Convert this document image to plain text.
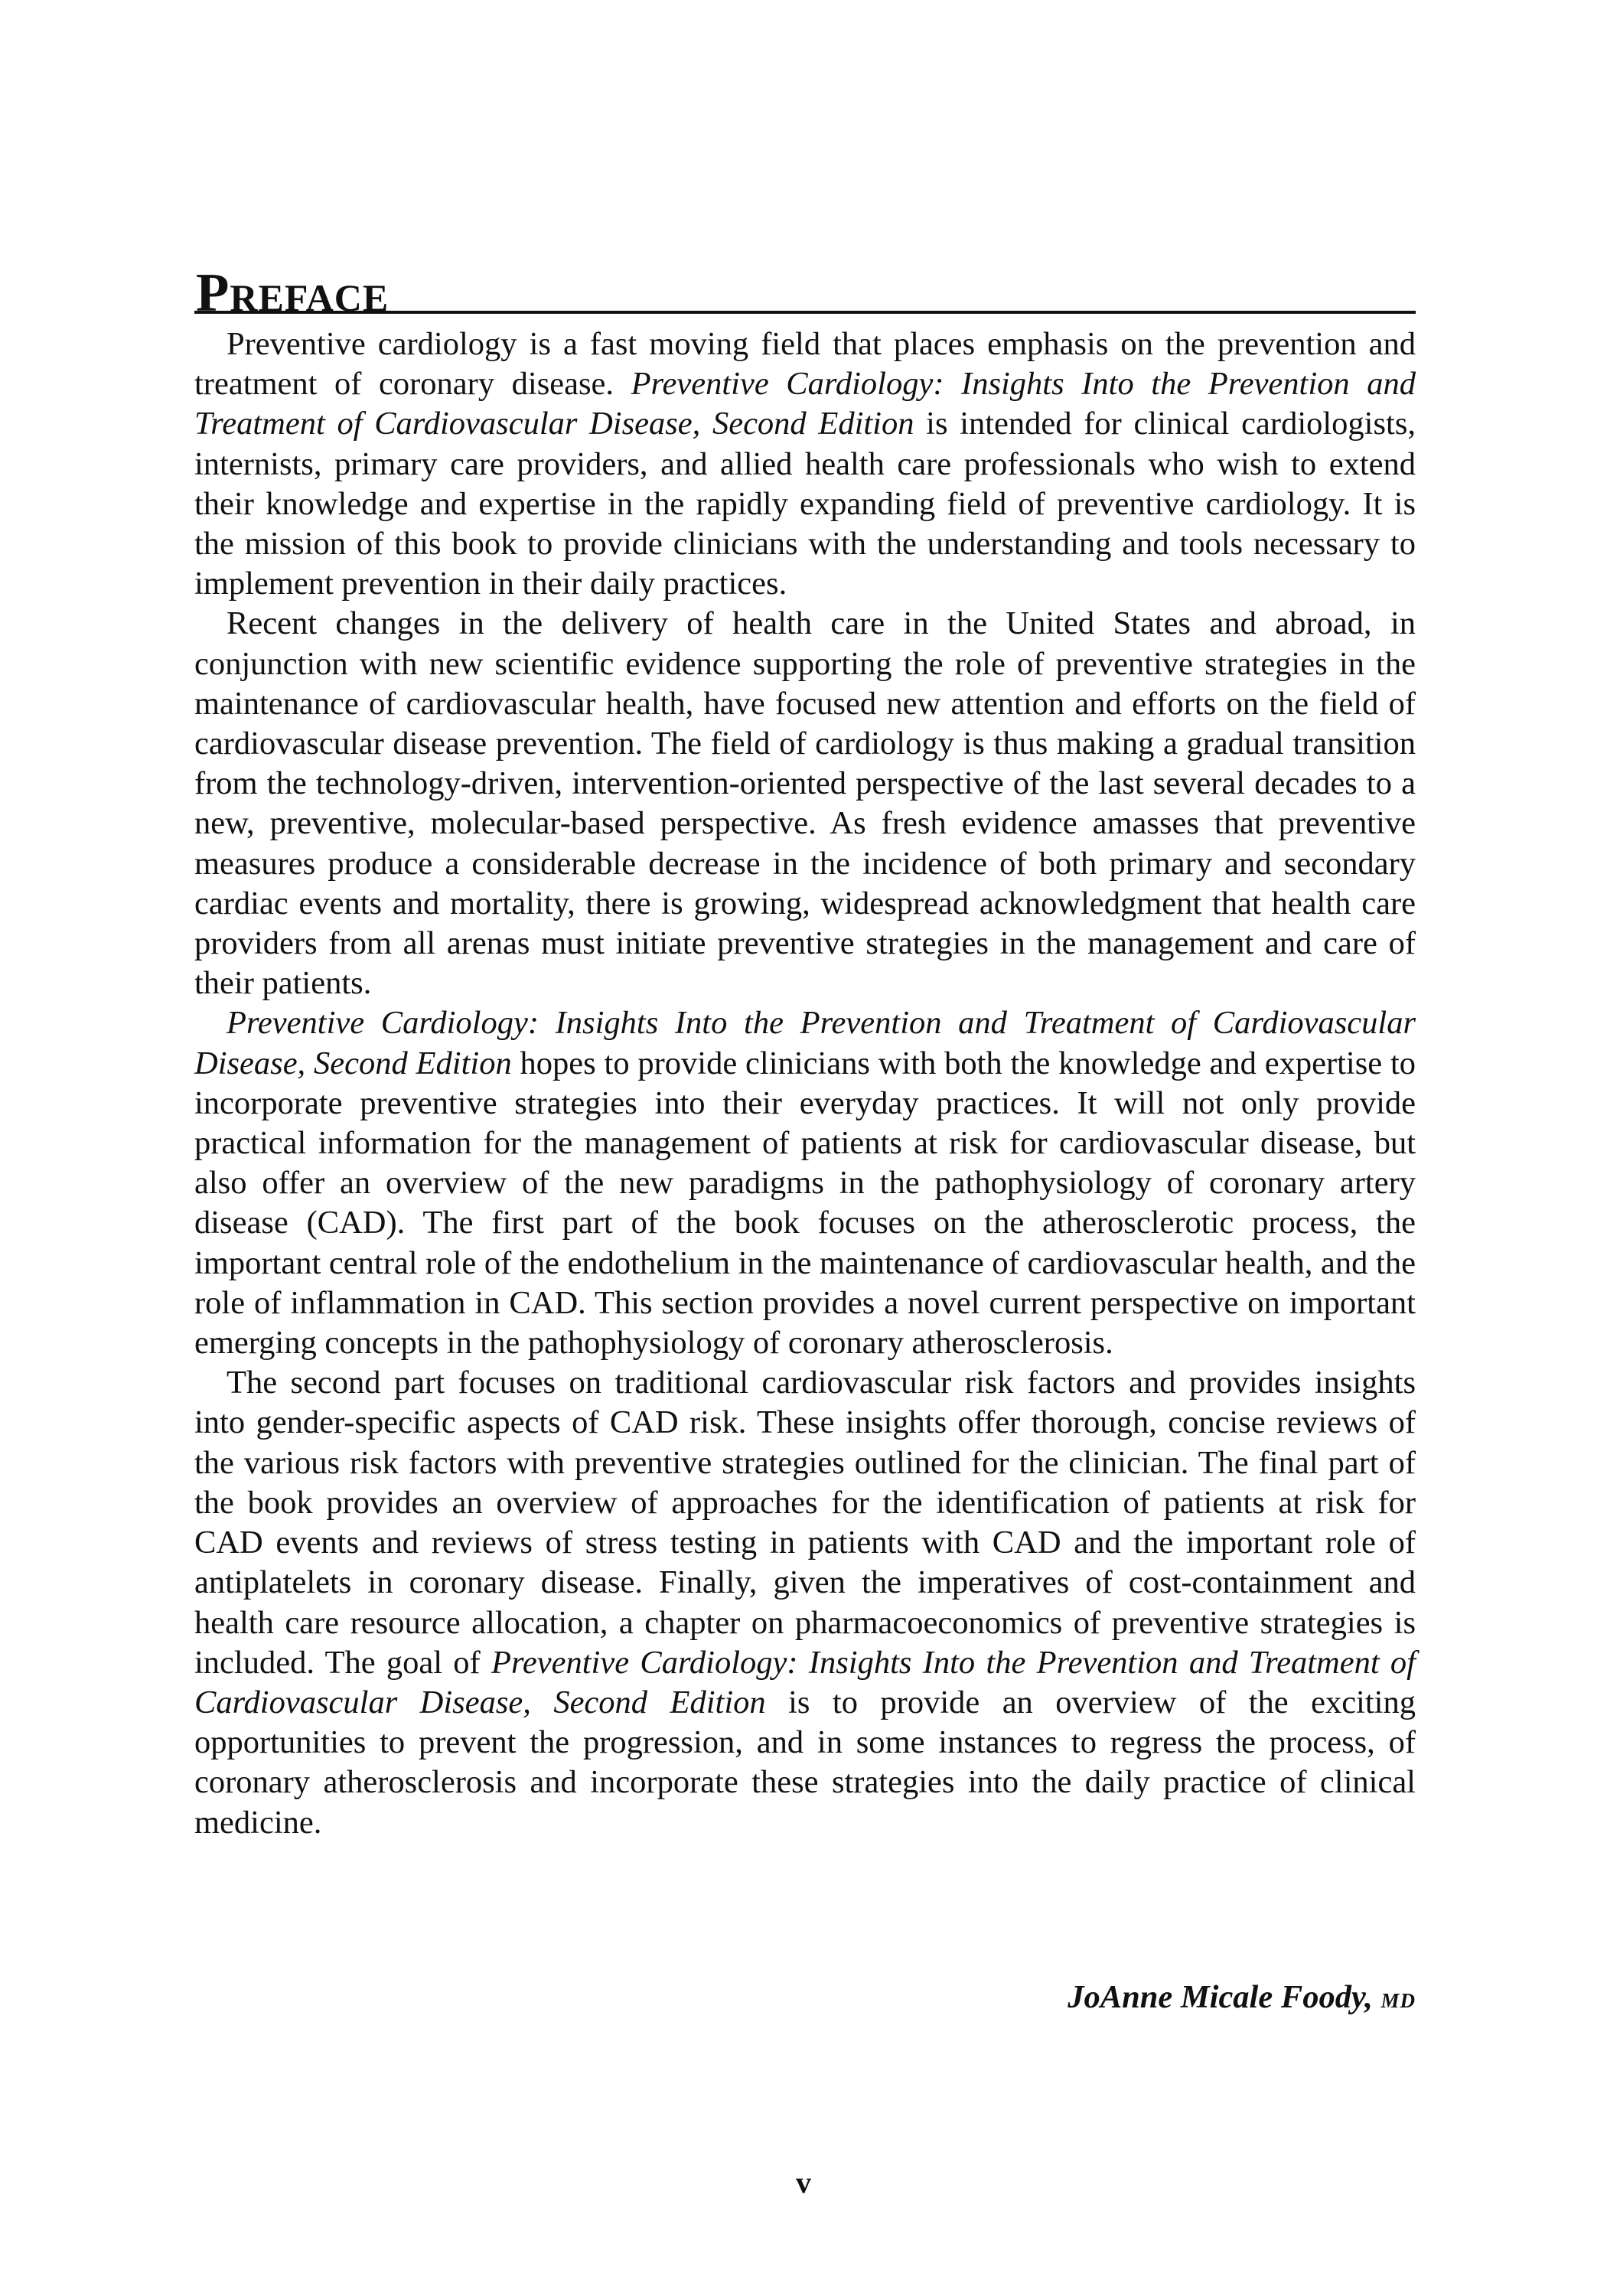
Preface

Preventive cardiology is a fast moving field that places emphasis on the prevention and treatment of coronary disease. Preventive Cardiology: Insights Into the Prevention and Treatment of Cardiovascular Disease, Second Edition is intended for clinical cardiologists, internists, primary care providers, and allied health care professionals who wish to extend their knowledge and expertise in the rapidly expanding field of preventive cardiology. It is the mission of this book to provide clinicians with the understanding and tools necessary to implement prevention in their daily practices.

Recent changes in the delivery of health care in the United States and abroad, in conjunction with new scientific evidence supporting the role of preventive strategies in the maintenance of cardiovascular health, have focused new attention and efforts on the field of cardiovascular disease prevention. The field of cardiology is thus making a gradual transition from the technology-driven, intervention-oriented perspective of the last several decades to a new, preventive, molecular-based perspective. As fresh evidence amasses that preventive measures produce a considerable decrease in the incidence of both primary and secondary cardiac events and mortality, there is growing, widespread acknowledgment that health care providers from all arenas must initiate preventive strategies in the management and care of their patients.

Preventive Cardiology: Insights Into the Prevention and Treatment of Cardiovascular Disease, Second Edition hopes to provide clinicians with both the knowledge and expertise to incorporate preventive strategies into their everyday practices. It will not only provide practical information for the management of patients at risk for cardiovascular disease, but also offer an overview of the new paradigms in the pathophysiology of coronary artery disease (CAD). The first part of the book focuses on the atherosclerotic process, the important central role of the endothelium in the maintenance of cardiovascular health, and the role of inflammation in CAD. This section provides a novel current perspective on important emerging concepts in the pathophysiology of coronary atherosclerosis.

The second part focuses on traditional cardiovascular risk factors and provides insights into gender-specific aspects of CAD risk. These insights offer thorough, concise reviews of the various risk factors with preventive strategies outlined for the clinician. The final part of the book provides an overview of approaches for the identification of patients at risk for CAD events and reviews of stress testing in patients with CAD and the important role of antiplatelets in coronary disease. Finally, given the imperatives of cost-containment and health care resource allocation, a chapter on pharmacoeconomics of preventive strategies is included. The goal of Preventive Cardiology: Insights Into the Prevention and Treatment of Cardiovascular Disease, Second Edition is to provide an overview of the exciting opportunities to prevent the progression, and in some instances to regress the process, of coronary atherosclerosis and incorporate these strategies into the daily practice of clinical medicine.

JoAnne Micale Foody, MD
v
